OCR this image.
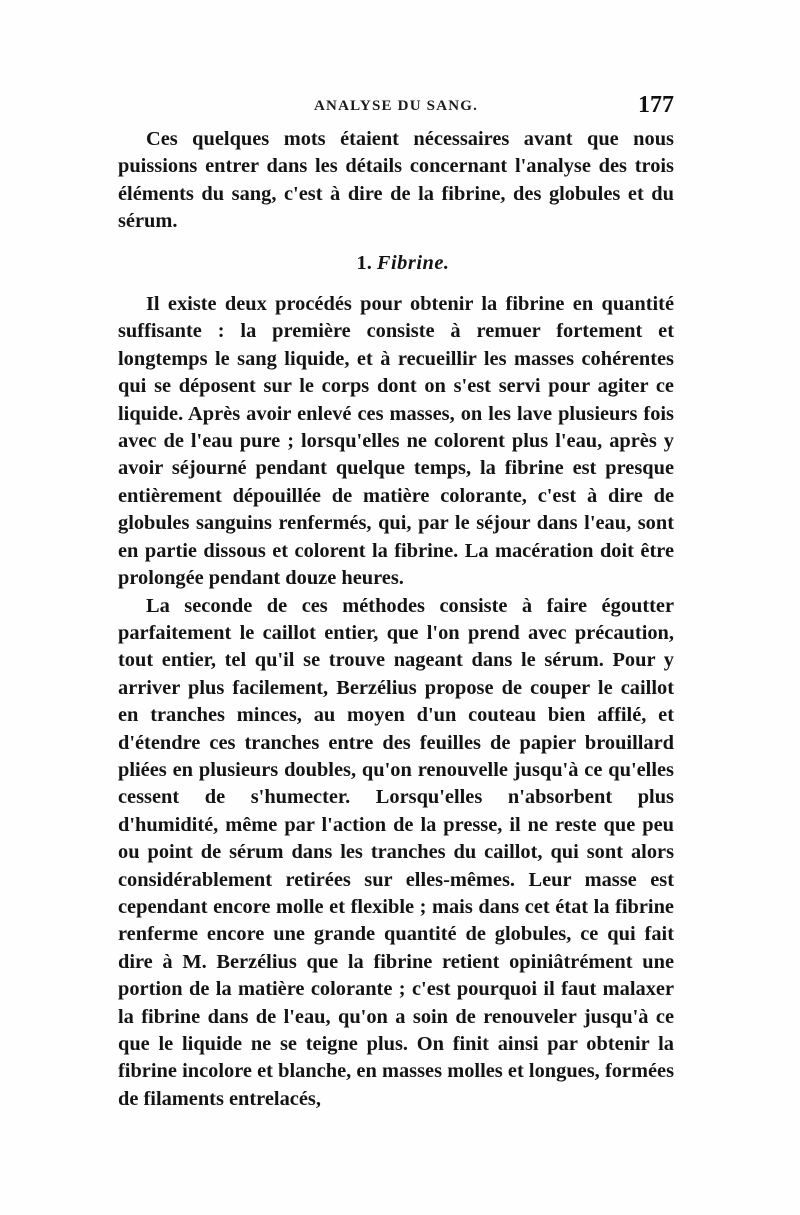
ANALYSE DU SANG.	177

Ces quelques mots étaient nécessaires avant que nous puissions entrer dans les détails concernant l'analyse des trois éléments du sang, c'est à dire de la fibrine, des globules et du sérum.

1. Fibrine.

Il existe deux procédés pour obtenir la fibrine en quantité suffisante : la première consiste à remuer fortement et longtemps le sang liquide, et à recueillir les masses cohérentes qui se déposent sur le corps dont on s'est servi pour agiter ce liquide. Après avoir enlevé ces masses, on les lave plusieurs fois avec de l'eau pure ; lorsqu'elles ne colorent plus l'eau, après y avoir séjourné pendant quelque temps, la fibrine est presque entièrement dépouillée de matière colorante, c'est à dire de globules sanguins renfermés, qui, par le séjour dans l'eau, sont en partie dissous et colorent la fibrine. La macération doit être prolongée pendant douze heures.

La seconde de ces méthodes consiste à faire égoutter parfaitement le caillot entier, que l'on prend avec précaution, tout entier, tel qu'il se trouve nageant dans le sérum. Pour y arriver plus facilement, Berzélius propose de couper le caillot en tranches minces, au moyen d'un couteau bien affilé, et d'étendre ces tranches entre des feuilles de papier brouillard pliées en plusieurs doubles, qu'on renouvelle jusqu'à ce qu'elles cessent de s'humecter. Lorsqu'elles n'absorbent plus d'humidité, même par l'action de la presse, il ne reste que peu ou point de sérum dans les tranches du caillot, qui sont alors considérablement retirées sur elles-mêmes. Leur masse est cependant encore molle et flexible ; mais dans cet état la fibrine renferme encore une grande quantité de globules, ce qui fait dire à M. Berzélius que la fibrine retient opiniâtrément une portion de la matière colorante ; c'est pourquoi il faut malaxer la fibrine dans de l'eau, qu'on a soin de renouveler jusqu'à ce que le liquide ne se teigne plus. On finit ainsi par obtenir la fibrine incolore et blanche, en masses molles et longues, formées de filaments entrelacés,
